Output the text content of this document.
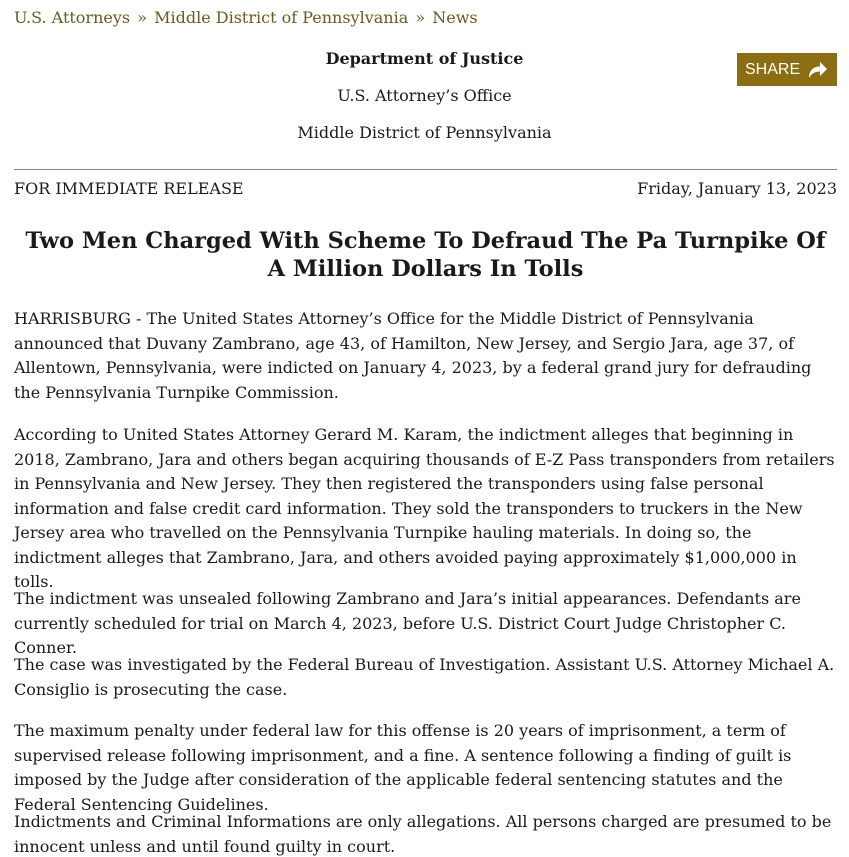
U.S. Attorneys » Middle District of Pennsylvania » News
Department of Justice
U.S. Attorney’s Office
Middle District of Pennsylvania
SHARE
FOR IMMEDIATE RELEASE	Friday, January 13, 2023
Two Men Charged With Scheme To Defraud The Pa Turnpike Of A Million Dollars In Tolls

HARRISBURG - The United States Attorney’s Office for the Middle District of Pennsylvania announced that Duvany Zambrano, age 43, of Hamilton, New Jersey, and Sergio Jara, age 37, of Allentown, Pennsylvania, were indicted on January 4, 2023, by a federal grand jury for defrauding the Pennsylvania Turnpike Commission.

According to United States Attorney Gerard M. Karam, the indictment alleges that beginning in 2018, Zambrano, Jara and others began acquiring thousands of E-Z Pass transponders from retailers in Pennsylvania and New Jersey. They then registered the transponders using false personal information and false credit card information. They sold the transponders to truckers in the New Jersey area who travelled on the Pennsylvania Turnpike hauling materials. In doing so, the indictment alleges that Zambrano, Jara, and others avoided paying approximately $1,000,000 in tolls.

The indictment was unsealed following Zambrano and Jara’s initial appearances. Defendants are currently scheduled for trial on March 4, 2023, before U.S. District Court Judge Christopher C. Conner.

The case was investigated by the Federal Bureau of Investigation. Assistant U.S. Attorney Michael A. Consiglio is prosecuting the case.

The maximum penalty under federal law for this offense is 20 years of imprisonment, a term of supervised release following imprisonment, and a fine. A sentence following a finding of guilt is imposed by the Judge after consideration of the applicable federal sentencing statutes and the Federal Sentencing Guidelines.

Indictments and Criminal Informations are only allegations. All persons charged are presumed to be innocent unless and until found guilty in court.
